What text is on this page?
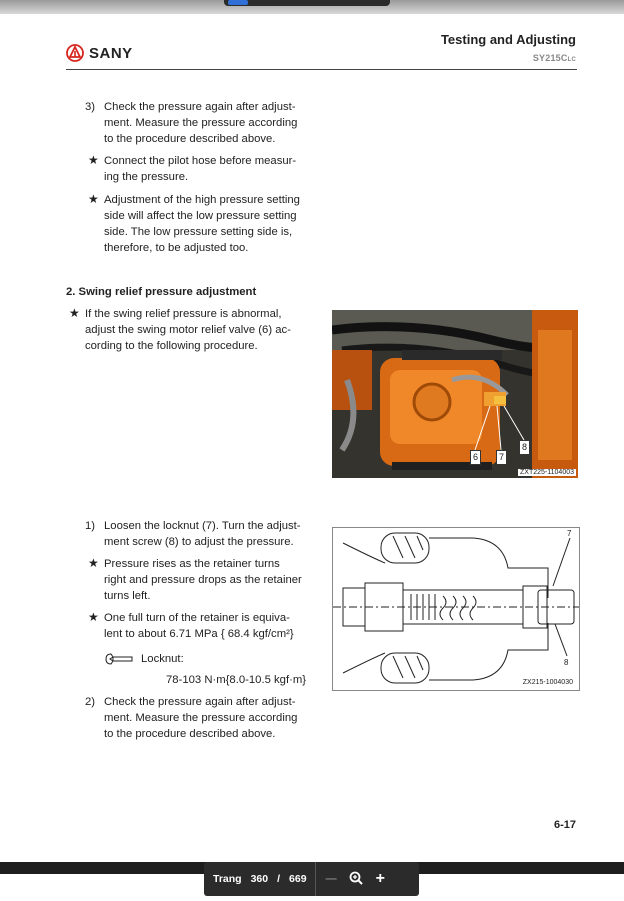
SANY
Testing and Adjusting
SY215CLC
3) Check the pressure again after adjust-
ment. Measure the pressure according
to the procedure described above.
★ Connect the pilot hose before measur-
ing the pressure.
★ Adjustment of the high pressure setting
side will affect the low pressure setting
side. The low pressure setting side is,
therefore, to be adjusted too.
2. Swing relief pressure adjustment
★ If the swing relief pressure is abnormal,
adjust the swing motor relief valve (6) ac-
cording to the following procedure.
6	7
8
ZXT225-1104003
1) Loosen the locknut (7). Turn the adjust-
ment screw (8) to adjust the pressure.
★ Pressure rises as the retainer turns
right and pressure drops as the retainer
turns left.
★ One full turn of the retainer is equiva-
lent to about 6.71 MPa { 68.4 kgf/cm²}
Locknut:
78-103 N·m{8.0-10.5 kgf·m}
2) Check the pressure again after adjust-
ment. Measure the pressure according
to the procedure described above.
7
8
ZX215-1004030
6-17
Trang 360 / 669 — +
